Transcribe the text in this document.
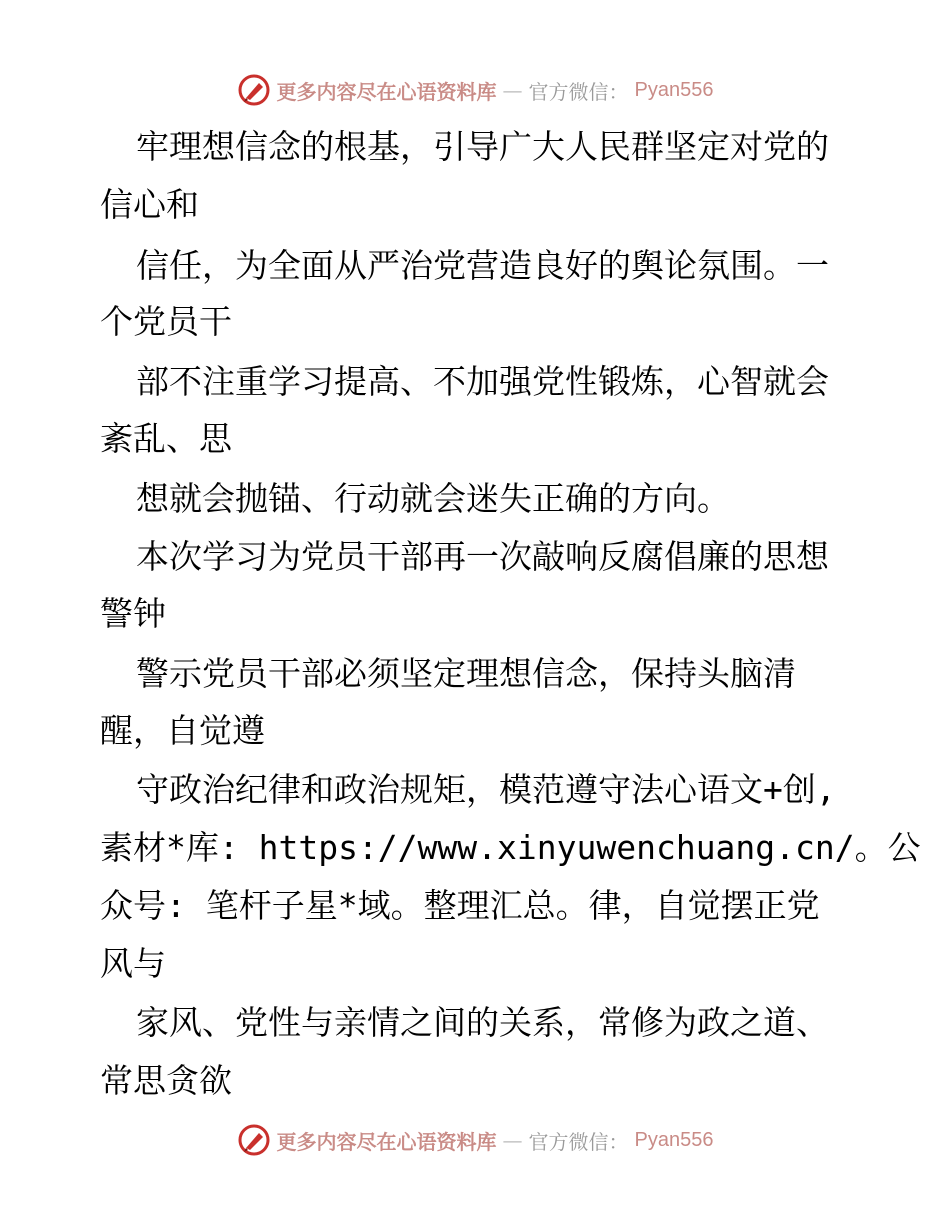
更多内容尽在心语资料库 — 官方微信： Pyan556
牢理想信念的根基，引导广大人民群坚定对党的
信心和
信任，为全面从严治党营造良好的舆论氛围。一
个党员干
部不注重学习提高、不加强党性锻炼，心智就会
紊乱、思
想就会抛锚、行动就会迷失正确的方向。
本次学习为党员干部再一次敲响反腐倡廉的思想
警钟
警示党员干部必须坚定理想信念，保持头脑清
醒，自觉遵
守政治纪律和政治规矩，模范遵守法心语文+创,
素材*库: https://www.xinyuwenchuang.cn/。公
众号: 笔杆子星*域。整理汇总。律，自觉摆正党
风与
家风、党性与亲情之间的关系，常修为政之道、
常思贪欲
更多内容尽在心语资料库 — 官方微信： Pyan556
